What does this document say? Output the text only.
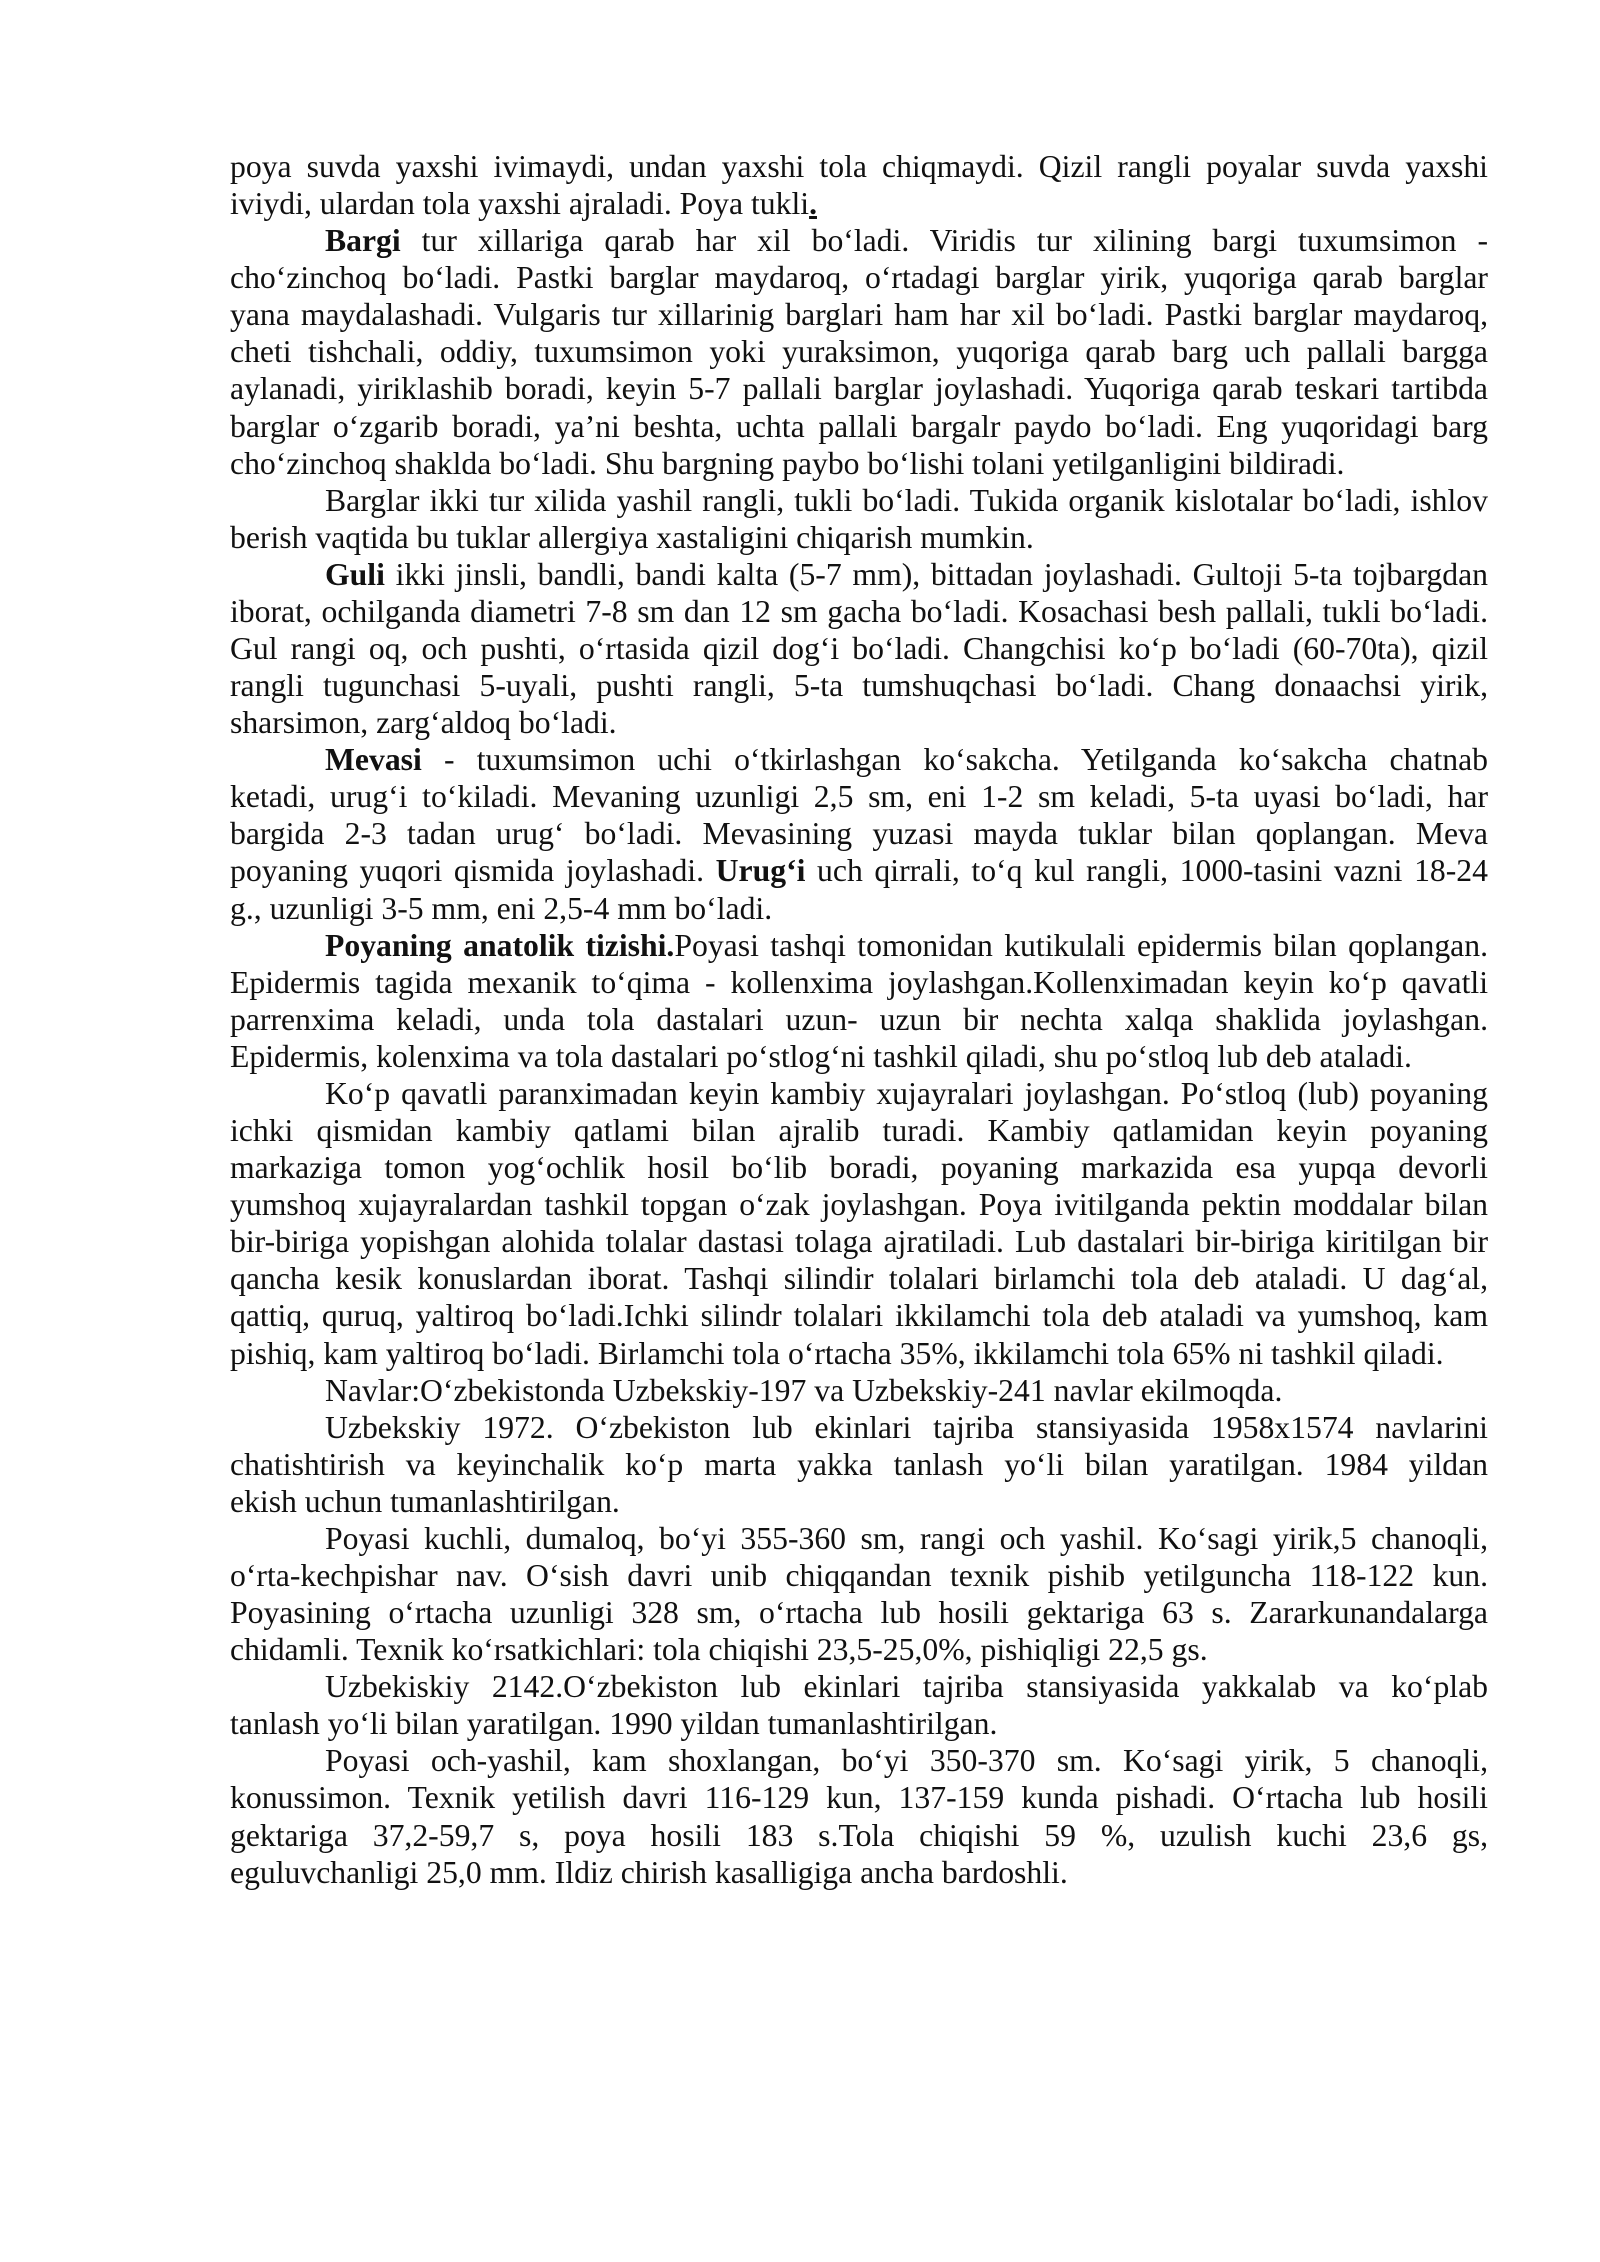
poya suvda yaxshi ivimaydi, undan yaxshi tola chiqmaydi. Qizil rangli poyalar suvda yaxshi
iviydi, ulardan tola yaxshi ajraladi. Poya tukli.
Bargi tur xillariga qarab har xil bo‘ladi. Viridis tur xilining bargi tuxumsimon -
cho‘zinchoq bo‘ladi. Pastki barglar maydaroq, o‘rtadagi barglar yirik, yuqoriga qarab barglar
yana maydalashadi. Vulgaris tur xillarinig barglari ham har xil bo‘ladi. Pastki barglar maydaroq,
cheti tishchali, oddiy, tuxumsimon yoki yuraksimon, yuqoriga qarab barg uch pallali bargga
aylanadi, yiriklashib boradi, keyin 5-7 pallali barglar joylashadi. Yuqoriga qarab teskari tartibda
barglar o‘zgarib boradi, ya’ni beshta, uchta pallali bargalr paydo bo‘ladi. Eng yuqoridagi barg
cho‘zinchoq shaklda bo‘ladi. Shu bargning paybo bo‘lishi tolani yetilganligini bildiradi.
Barglar ikki tur xilida yashil rangli, tukli bo‘ladi. Tukida organik kislotalar bo‘ladi, ishlov
berish vaqtida bu tuklar allergiya xastaligini chiqarish mumkin.
Guli ikki jinsli, bandli, bandi kalta (5-7 mm), bittadan joylashadi. Gultoji 5-ta tojbargdan
iborat, ochilganda diametri 7-8 sm dan 12 sm gacha bo‘ladi. Kosachasi besh pallali, tukli bo‘ladi.
Gul rangi oq, och pushti, o‘rtasida qizil dog‘i bo‘ladi. Changchisi ko‘p bo‘ladi (60-70ta), qizil
rangli tugunchasi 5-uyali, pushti rangli, 5-ta tumshuqchasi bo‘ladi. Chang donaachsi yirik,
sharsimon, zarg‘aldoq bo‘ladi.
Mevasi - tuxumsimon uchi o‘tkirlashgan ko‘sakcha. Yetilganda ko‘sakcha chatnab
ketadi, urug‘i to‘kiladi. Mevaning uzunligi 2,5 sm, eni 1-2 sm keladi, 5-ta uyasi bo‘ladi, har
bargida 2-3 tadan urug‘ bo‘ladi. Mevasining yuzasi mayda tuklar bilan qoplangan. Meva
poyaning yuqori qismida joylashadi. Urug‘i uch qirrali, to‘q kul rangli, 1000-tasini vazni 18-24
g., uzunligi 3-5 mm, eni 2,5-4 mm bo‘ladi.
Poyaning anatolik tizishi.Poyasi tashqi tomonidan kutikulali epidermis bilan qoplangan.
Epidermis tagida mexanik to‘qima - kollenxima joylashgan.Kollenximadan keyin ko‘p qavatli
parrenxima keladi, unda tola dastalari uzun- uzun bir nechta xalqa shaklida joylashgan.
Epidermis, kolenxima va tola dastalari po‘stlog‘ni tashkil qiladi, shu po‘stloq lub deb ataladi.
Ko‘p qavatli paranximadan keyin kambiy xujayralari joylashgan. Po‘stloq (lub) poyaning
ichki qismidan kambiy qatlami bilan ajralib turadi. Kambiy qatlamidan keyin poyaning
markaziga tomon yog‘ochlik hosil bo‘lib boradi, poyaning markazida esa yupqa devorli
yumshoq xujayralardan tashkil topgan o‘zak joylashgan. Poya ivitilganda pektin moddalar bilan
bir-biriga yopishgan alohida tolalar dastasi tolaga ajratiladi. Lub dastalari bir-biriga kiritilgan bir
qancha kesik konuslardan iborat. Tashqi silindir tolalari birlamchi tola deb ataladi. U dag‘al,
qattiq, quruq, yaltiroq bo‘ladi.Ichki silindr tolalari ikkilamchi tola deb ataladi va yumshoq, kam
pishiq, kam yaltiroq bo‘ladi. Birlamchi tola o‘rtacha 35%, ikkilamchi tola 65% ni tashkil qiladi.
Navlar:O‘zbekistonda Uzbekskiy-197 va Uzbekskiy-241 navlar ekilmoqda.
Uzbekskiy 1972. O‘zbekiston lub ekinlari tajriba stansiyasida 1958x1574 navlarini
chatishtirish va keyinchalik ko‘p marta yakka tanlash yo‘li bilan yaratilgan. 1984 yildan
ekish uchun tumanlashtirilgan.
Poyasi kuchli, dumaloq, bo‘yi 355-360 sm, rangi och yashil. Ko‘sagi yirik,5 chanoqli,
o‘rta-kechpishar nav. O‘sish davri unib chiqqandan texnik pishib yetilguncha 118-122 kun.
Poyasining o‘rtacha uzunligi 328 sm, o‘rtacha lub hosili gektariga 63 s. Zararkunandalarga
chidamli. Texnik ko‘rsatkichlari: tola chiqishi 23,5-25,0%, pishiqligi 22,5 gs.
Uzbekiskiy 2142.O‘zbekiston lub ekinlari tajriba stansiyasida yakkalab va ko‘plab
tanlash yo‘li bilan yaratilgan. 1990 yildan tumanlashtirilgan.
Poyasi och-yashil, kam shoxlangan, bo‘yi 350-370 sm. Ko‘sagi yirik, 5 chanoqli,
konussimon. Texnik yetilish davri 116-129 kun, 137-159 kunda pishadi. O‘rtacha lub hosili
gektariga 37,2-59,7 s, poya hosili 183 s.Tola chiqishi 59 %, uzulish kuchi 23,6 gs,
eguluvchanligi 25,0 mm. Ildiz chirish kasalligiga ancha bardoshli.
